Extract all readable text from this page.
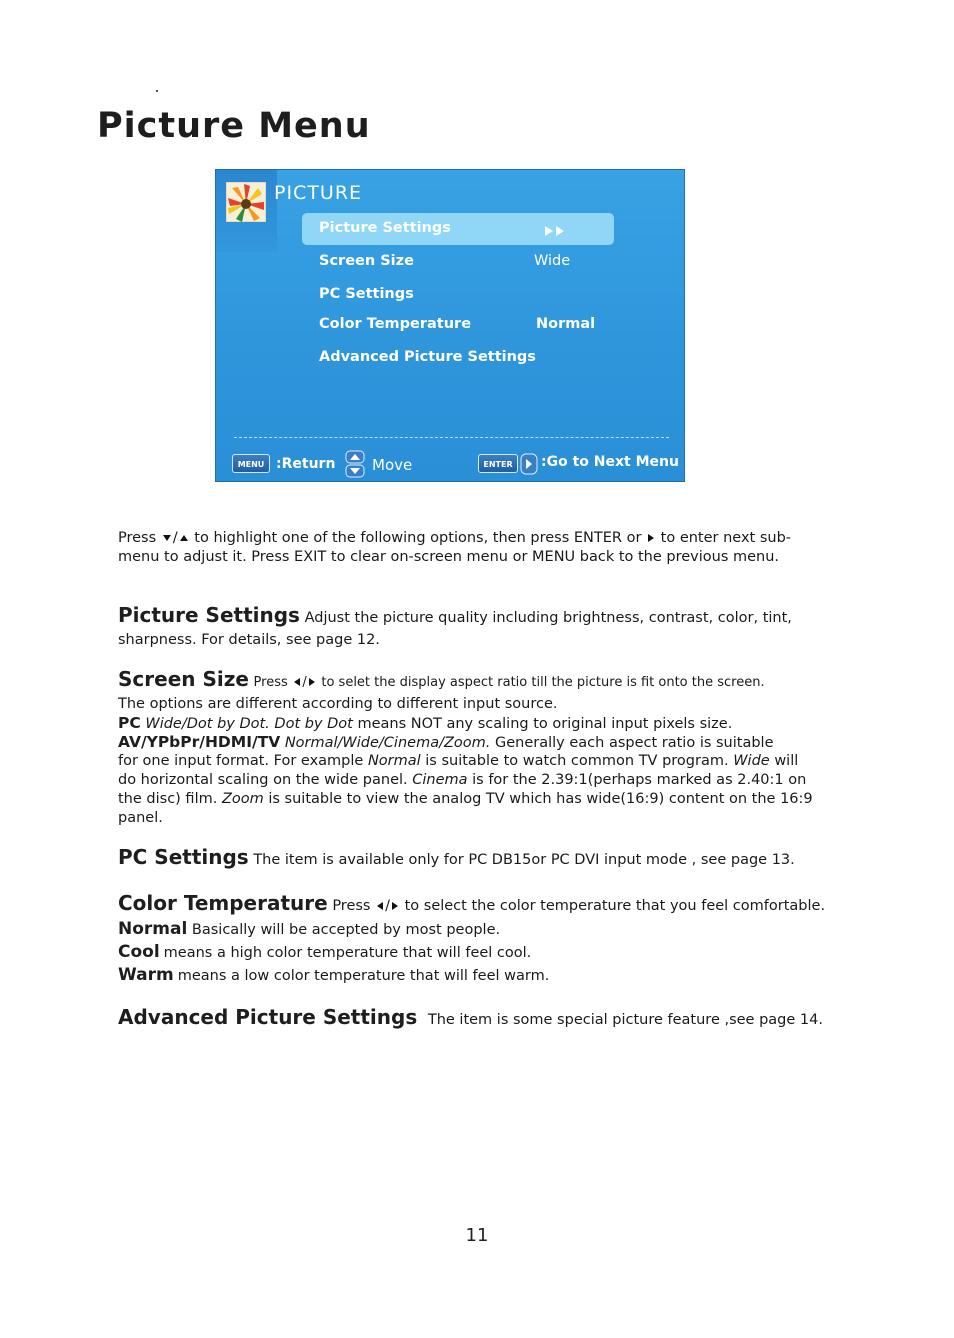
Picture Menu
PICTURE
Picture Settings
Screen Size	Wide
PC Settings
Color Temperature	Normal
Advanced Picture Settings
MENU :Return Move	ENTER	:Go to Next Menu
Press / to highlight one of the following options, then press ENTER or to enter next sub-
menu to adjust it. Press EXIT to clear on-screen menu or MENU back to the previous menu.
Picture Settings Adjust the picture quality including brightness, contrast, color, tint,
sharpness. For details, see page 12.
Screen Size Press / to selet the display aspect ratio till the picture is fit onto the screen.
The options are different according to different input source.
PC Wide/Dot by Dot. Dot by Dot means NOT any scaling to original input pixels size.
AV/YPbPr/HDMI/TV Normal/Wide/Cinema/Zoom. Generally each aspect ratio is suitable
for one input format. For example Normal is suitable to watch common TV program. Wide will
do horizontal scaling on the wide panel. Cinema is for the 2.39:1(perhaps marked as 2.40:1 on
the disc) film. Zoom is suitable to view the analog TV which has wide(16:9) content on the 16:9
panel.
PC Settings The item is available only for PC DB15or PC DVI input mode , see page 13.
Color Temperature Press / to select the color temperature that you feel comfortable.
Normal Basically will be accepted by most people.
Cool means a high color temperature that will feel cool.
Warm means a low color temperature that will feel warm.
Advanced Picture Settings The item is some special picture feature ,see page 14.
11
